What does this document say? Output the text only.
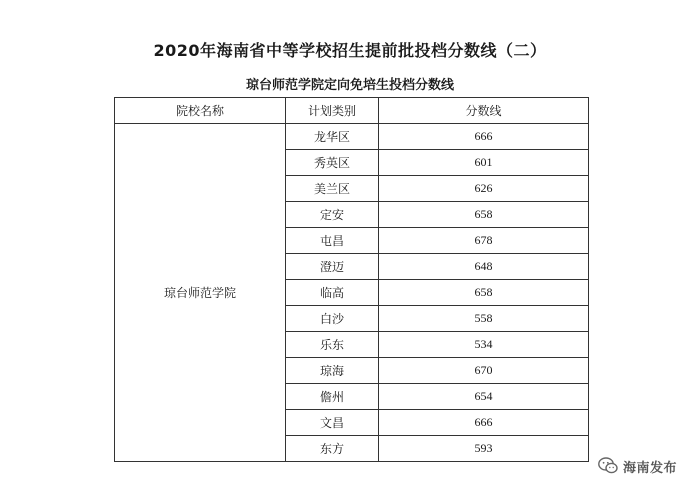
2020年海南省中等学校招生提前批投档分数线（二）
琼台师范学院定向免培生投档分数线
院校名称	计划类别	分数线
琼台师范学院	龙华区	666
	秀英区	601
	美兰区	626
	定安	658
	屯昌	678
	澄迈	648
	临高	658
	白沙	558
	乐东	534
	琼海	670
	儋州	654
	文昌	666
	东方	593
海南发布
